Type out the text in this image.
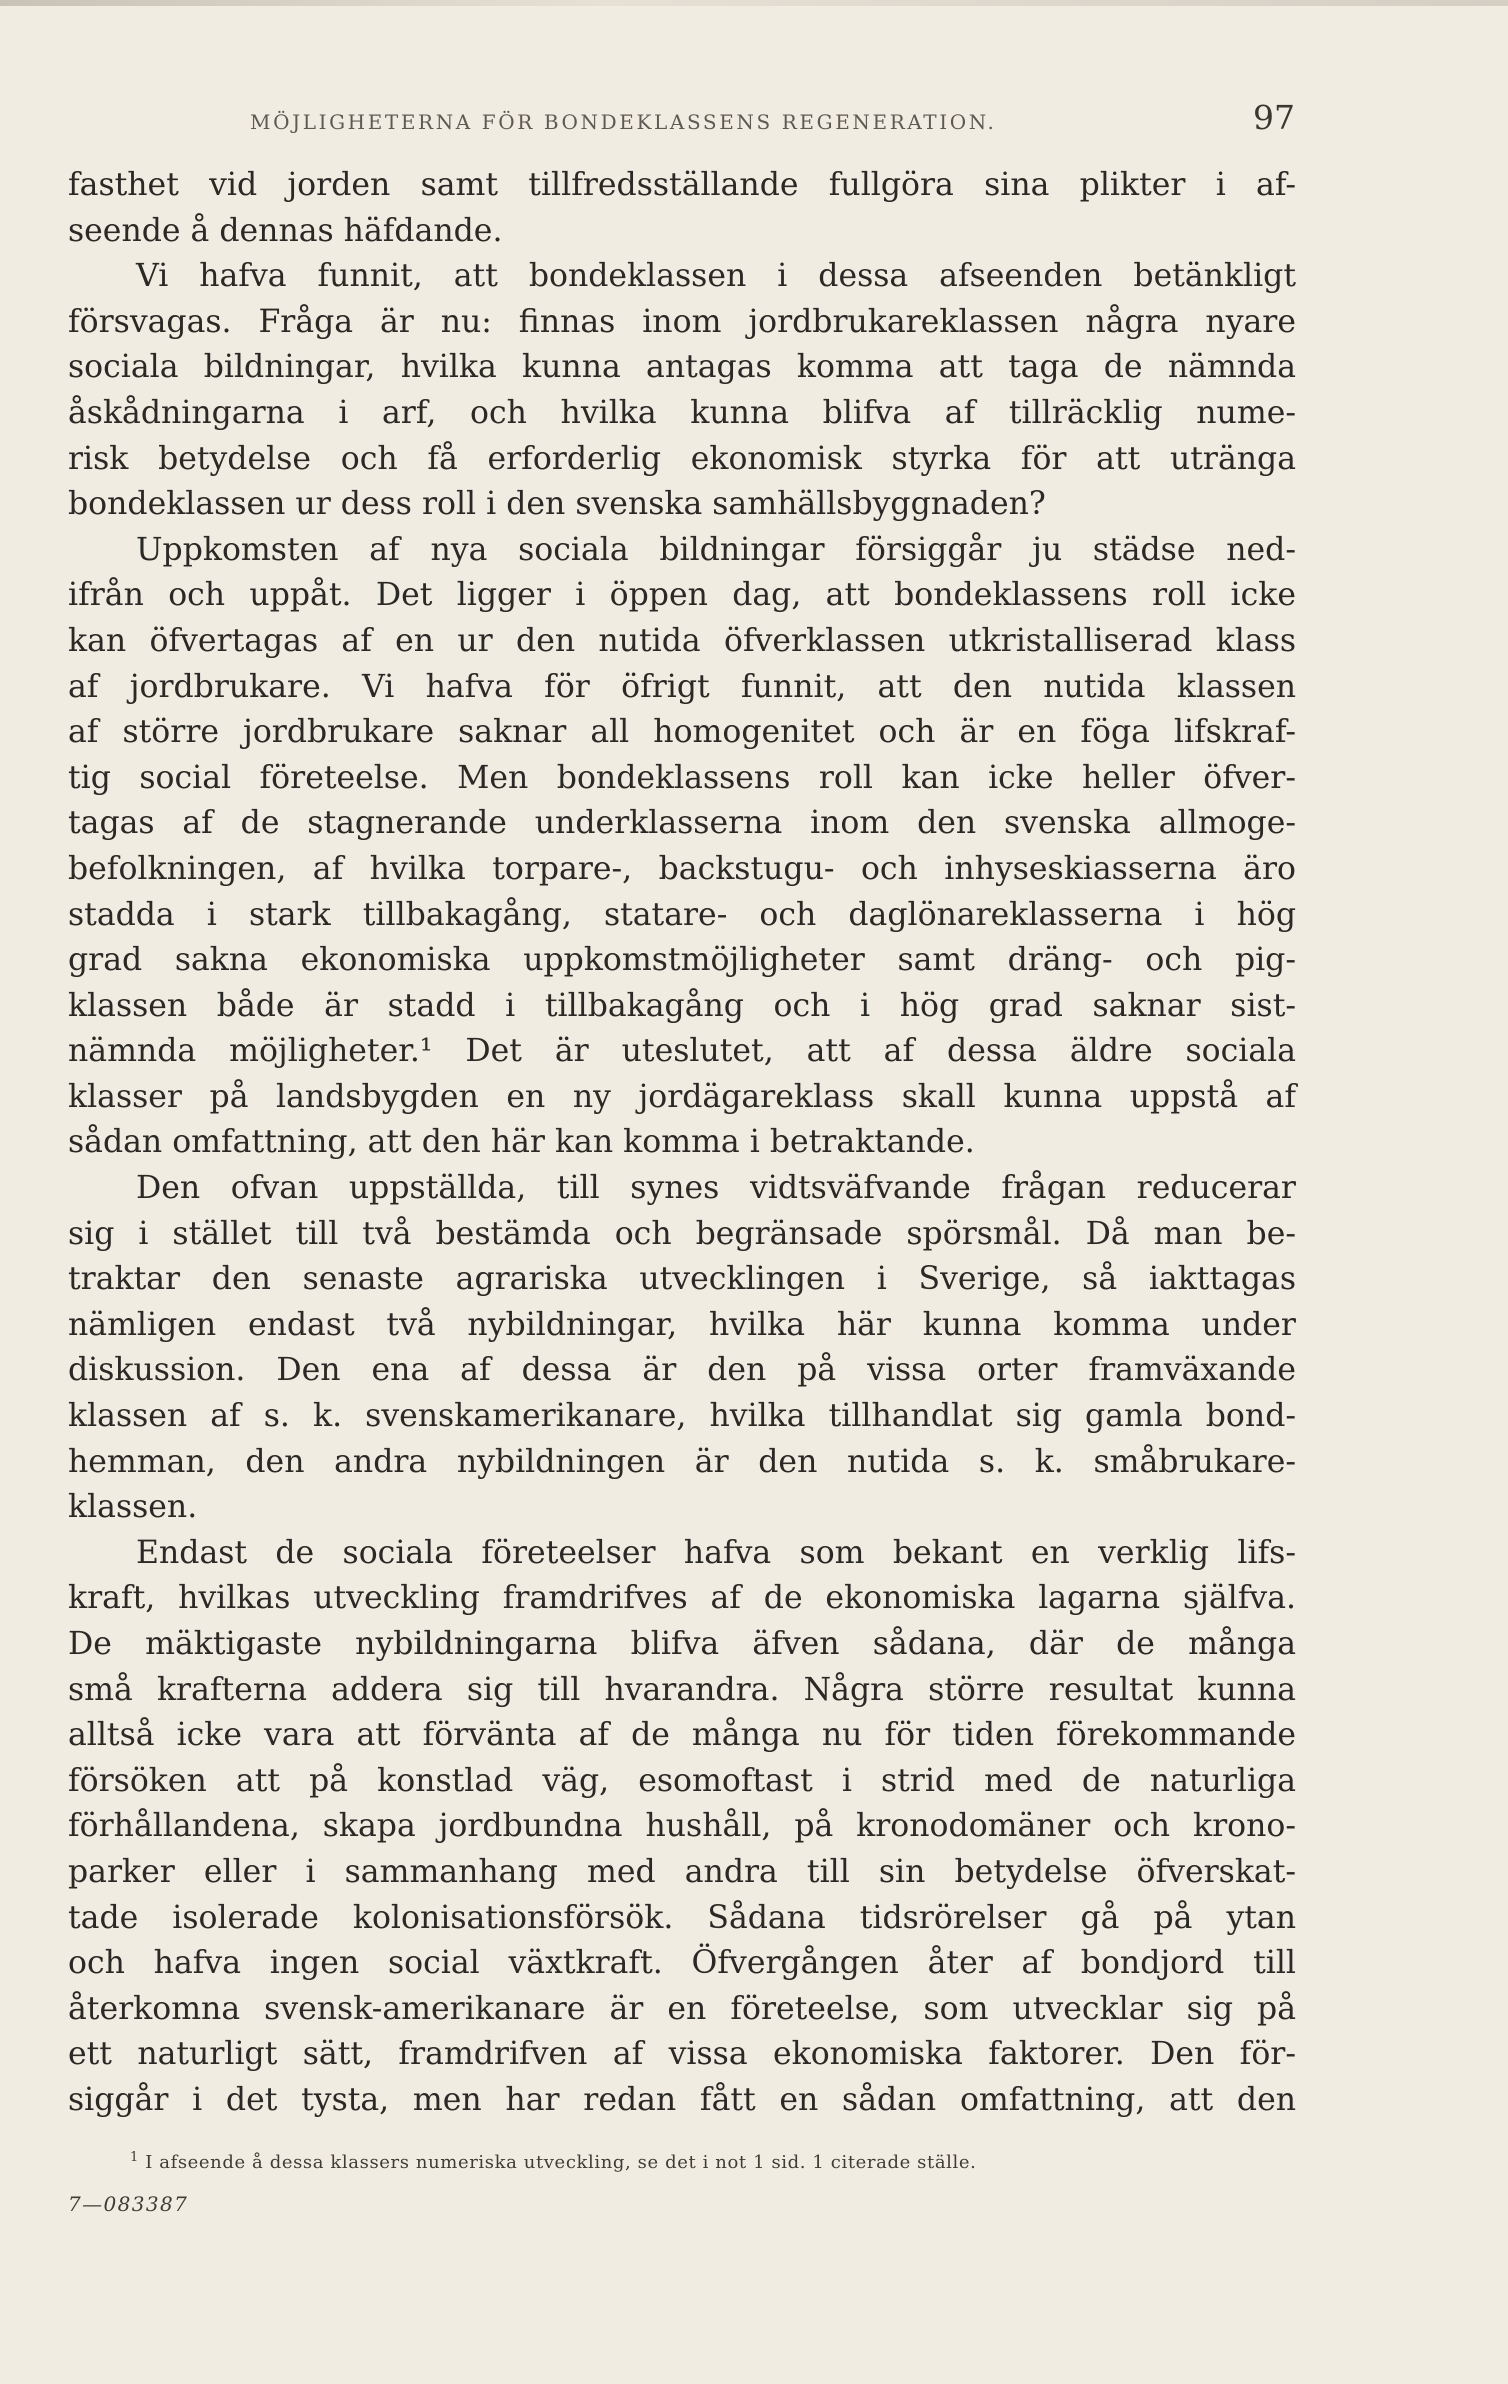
MÖJLIGHETERNA FÖR BONDEKLASSENS REGENERATION.	97
fasthet vid jorden samt tillfredsställande fullgöra sina plikter i af-
seende å dennas häfdande.
Vi hafva funnit, att bondeklassen i dessa afseenden betänkligt
försvagas. Fråga är nu: finnas inom jordbrukareklassen några nyare
sociala bildningar, hvilka kunna antagas komma att taga de nämnda
åskådningarna i arf, och hvilka kunna blifva af tillräcklig nume-
risk betydelse och få erforderlig ekonomisk styrka för att utränga
bondeklassen ur dess roll i den svenska samhällsbyggnaden?
Uppkomsten af nya sociala bildningar försiggår ju städse ned-
ifrån och uppåt. Det ligger i öppen dag, att bondeklassens roll icke
kan öfvertagas af en ur den nutida öfverklassen utkristalliserad klass
af jordbrukare. Vi hafva för öfrigt funnit, att den nutida klassen
af större jordbrukare saknar all homogenitet och är en föga lifskraf-
tig social företeelse. Men bondeklassens roll kan icke heller öfver-
tagas af de stagnerande underklasserna inom den svenska allmoge-
befolkningen, af hvilka torpare-, backstugu- och inhyseskiasserna äro
stadda i stark tillbakagång, statare- och daglönareklasserna i hög
grad sakna ekonomiska uppkomstmöjligheter samt dräng- och pig-
klassen både är stadd i tillbakagång och i hög grad saknar sist-
nämnda möjligheter.¹ Det är uteslutet, att af dessa äldre sociala
klasser på landsbygden en ny jordägareklass skall kunna uppstå af
sådan omfattning, att den här kan komma i betraktande.
Den ofvan uppställda, till synes vidtsväfvande frågan reducerar
sig i stället till två bestämda och begränsade spörsmål. Då man be-
traktar den senaste agrariska utvecklingen i Sverige, så iakttagas
nämligen endast två nybildningar, hvilka här kunna komma under
diskussion. Den ena af dessa är den på vissa orter framväxande
klassen af s. k. svenskamerikanare, hvilka tillhandlat sig gamla bond-
hemman, den andra nybildningen är den nutida s. k. småbrukare-
klassen.
Endast de sociala företeelser hafva som bekant en verklig lifs-
kraft, hvilkas utveckling framdrifves af de ekonomiska lagarna själfva.
De mäktigaste nybildningarna blifva äfven sådana, där de många
små krafterna addera sig till hvarandra. Några större resultat kunna
alltså icke vara att förvänta af de många nu för tiden förekommande
försöken att på konstlad väg, esomoftast i strid med de naturliga
förhållandena, skapa jordbundna hushåll, på kronodomäner och krono-
parker eller i sammanhang med andra till sin betydelse öfverskat-
tade isolerade kolonisationsförsök. Sådana tidsrörelser gå på ytan
och hafva ingen social växtkraft. Öfvergången åter af bondjord till
återkomna svensk-amerikanare är en företeelse, som utvecklar sig på
ett naturligt sätt, framdrifven af vissa ekonomiska faktorer. Den för-
siggår i det tysta, men har redan fått en sådan omfattning, att den
$^1$ I afseende å dessa klassers numeriska utveckling, se det i not 1 sid. 1 citerade ställe.
7—083387
